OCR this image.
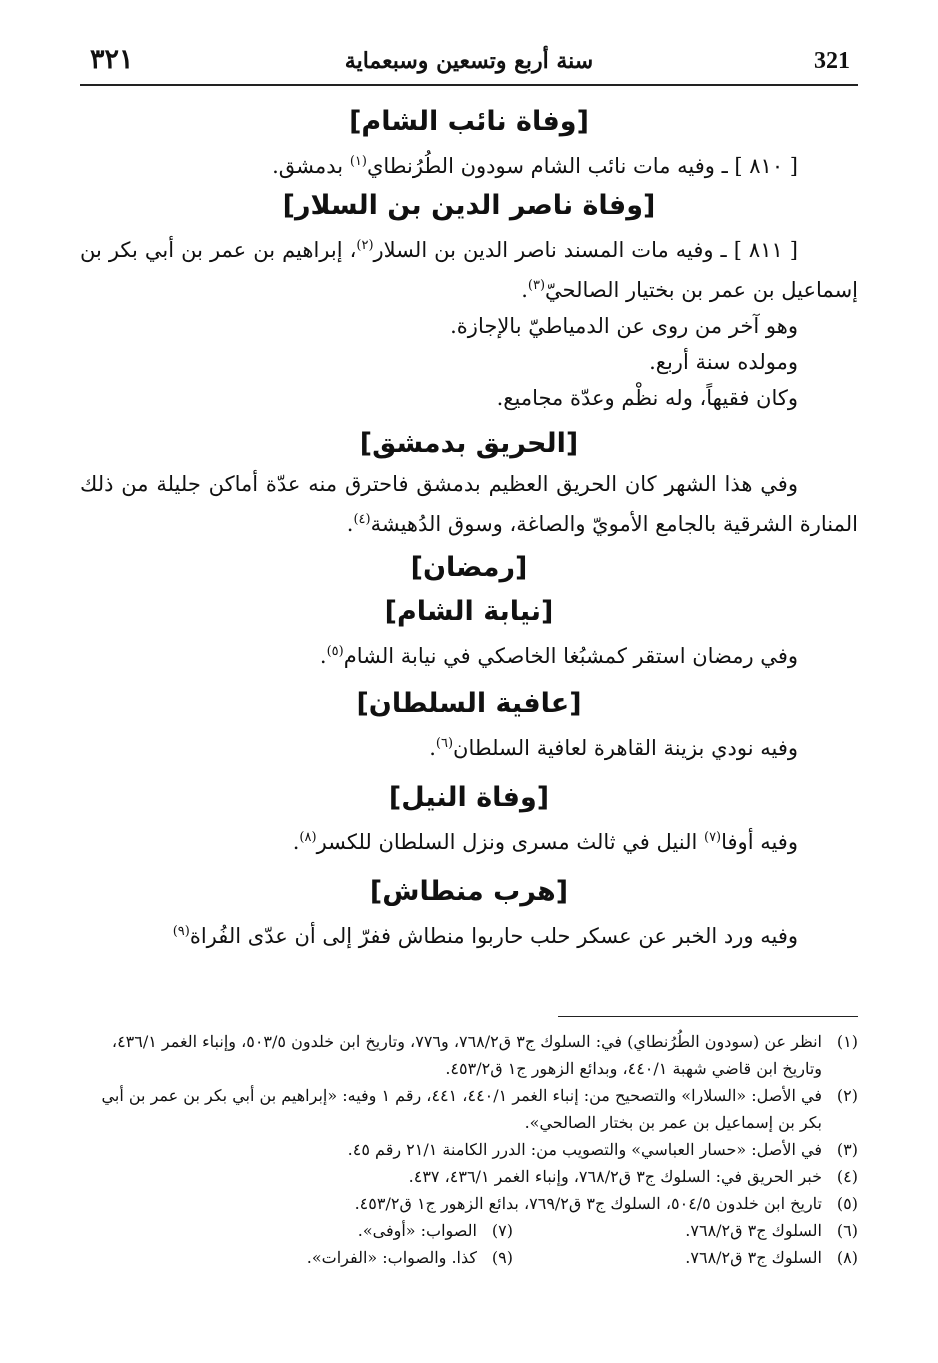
٣٢١	سنة أربع وتسعين وسبعماية	321
[وفاة نائب الشام]
[ ٨١٠ ] ـ وفيه مات نائب الشام سودون الطُرُنطاي$^{(١)}$ بدمشق.
[وفاة ناصر الدين بن السلار]
[ ٨١١ ] ـ وفيه مات المسند ناصر الدين بن السلار$^{(٢)}$، إبراهيم بن عمر بن أبي بكر بن إسماعيل بن عمر بن بختيار الصالحيّ$^{(٣)}$.
وهو آخر من روى عن الدمياطيّ بالإجازة.
ومولده سنة أربع.
وكان فقيهاً، وله نظْم وعدّة مجاميع.
[الحريق بدمشق]
وفي هذا الشهر كان الحريق العظيم بدمشق فاحترق منه عدّة أماكن جليلة من ذلك المنارة الشرقية بالجامع الأمويّ والصاغة، وسوق الدُهيشة$^{(٤)}$.
[رمضان]
[نيابة الشام]
وفي رمضان استقر كمشبُغا الخاصكي في نيابة الشام$^{(٥)}$.
[عافية السلطان]
وفيه نودي بزينة القاهرة لعافية السلطان$^{(٦)}$.
[وفاة النيل]
وفيه أوفا$^{(٧)}$ النيل في ثالث مسرى ونزل السلطان للكسر$^{(٨)}$.
[هرب منطاش]
وفيه ورد الخبر عن عسكر حلب حاربوا منطاش ففرّ إلى أن عدّى الفُراة$^{(٩)}$
(١)
انظر عن (سودون الطُرُنطاي) في: السلوك ج٣ ق٧٦٨/٢، و٧٧٦، وتاريخ ابن خلدون ٥٠٣/٥، وإنباء الغمر ٤٣٦/١، وتاريخ ابن قاضي شهبة ٤٤٠/١، وبدائع الزهور ج١ ق٤٥٣/٢.
(٢)
في الأصل: «السلارا» والتصحيح من: إنباء الغمر ٤٤٠/١، ٤٤١، رقم ١ وفيه: «إبراهيم بن أبي بكر بن عمر بن أبي بكر بن إسماعيل بن عمر بن بختار الصالحي».
(٣)
في الأصل: «حسار العباسي» والتصويب من: الدرر الكامنة ٢١/١ رقم ٤٥.
(٤)
خبر الحريق في: السلوك ج٣ ق٧٦٨/٢، وإنباء الغمر ٤٣٦/١، ٤٣٧.
(٥)
تاريخ ابن خلدون ٥٠٤/٥، السلوك ج٣ ق٧٦٩/٢، بدائع الزهور ج١ ق٤٥٣/٢.
(٦)
السلوك ج٣ ق٧٦٨/٢.
(٧)
الصواب: «أوفى».
(٨)
السلوك ج٣ ق٧٦٨/٢.
(٩)
كذا. والصواب: «الفرات».
